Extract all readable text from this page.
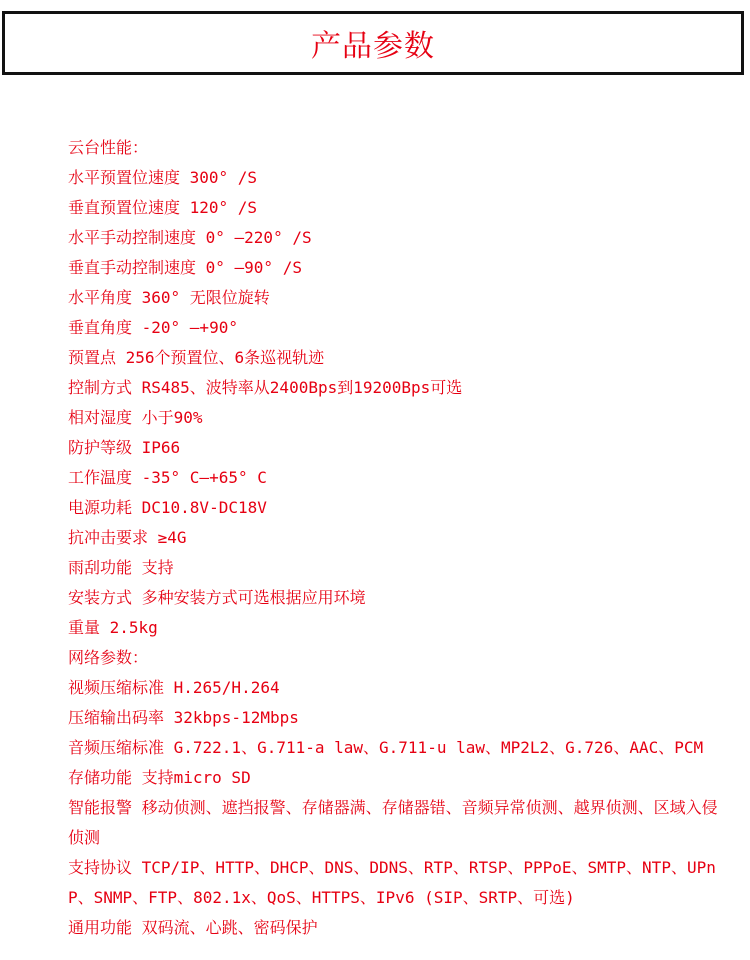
产品参数
云台性能：
水平预置位速度 300° /S
垂直预置位速度 120° /S
水平手动控制速度 0° —220° /S
垂直手动控制速度 0° —90° /S
水平角度 360° 无限位旋转
垂直角度 -20° —+90°
预置点 256个预置位、6条巡视轨迹
控制方式 RS485、波特率从2400Bps到19200Bps可选
相对湿度 小于90%
防护等级 IP66
工作温度 -35° C—+65° C
电源功耗 DC10.8V-DC18V
抗冲击要求 ≥4G
雨刮功能 支持
安装方式 多种安装方式可选根据应用环境
重量 2.5kg
网络参数：
视频压缩标准 H.265/H.264
压缩输出码率 32kbps-12Mbps
音频压缩标准 G.722.1、G.711-a law、G.711-u law、MP2L2、G.726、AAC、PCM
存储功能 支持micro SD
智能报警 移动侦测、遮挡报警、存储器满、存储器错、音频异常侦测、越界侦测、区域入侵侦测
支持协议 TCP/IP、HTTP、DHCP、DNS、DDNS、RTP、RTSP、PPPoE、SMTP、NTP、UPnP、SNMP、FTP、802.1x、QoS、HTTPS、IPv6 (SIP、SRTP、可选)
通用功能 双码流、心跳、密码保护
